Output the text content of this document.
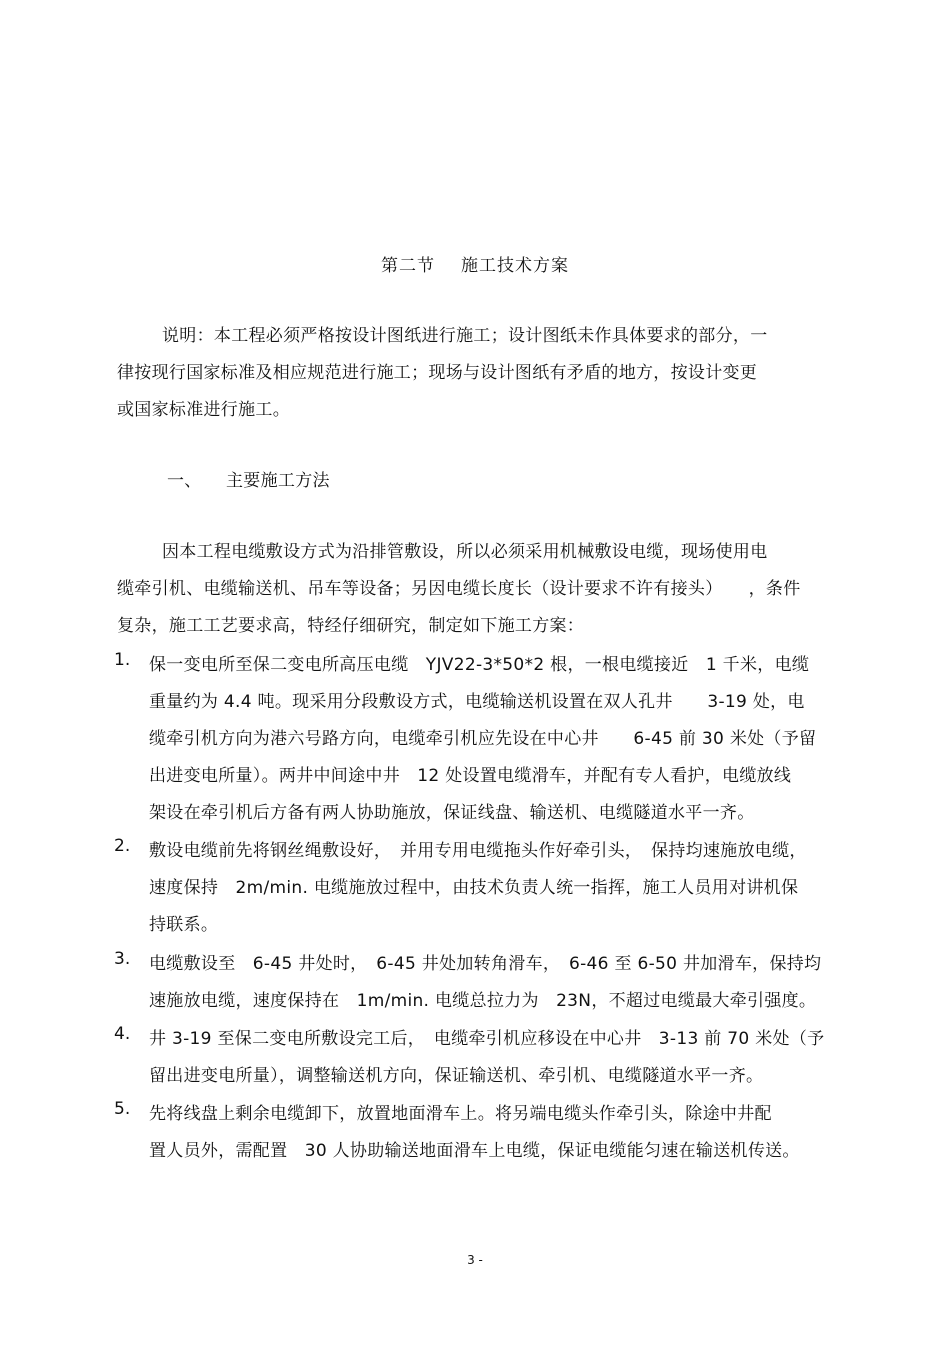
第二节 施工技术方案
说明：本工程必须严格按设计图纸进行施工；设计图纸未作具体要求的部分，一
律按现行国家标准及相应规范进行施工；现场与设计图纸有矛盾的地方，按设计变更
或国家标准进行施工。
一、 主要施工方法
因本工程电缆敷设方式为沿排管敷设，所以必须采用机械敷设电缆，现场使用电
缆牵引机、电缆输送机、吊车等设备；另因电缆长度长（设计要求不许有接头）　　，条件
复杂，施工工艺要求高，特经仔细研究，制定如下施工方案：
1. 保一变电所至保二变电所高压电缆　YJV22-3*50*2 根，一根电缆接近　1 千米，电缆
重量约为 4.4 吨。现采用分段敷设方式，电缆输送机设置在双人孔井　　3-19 处，电
缆牵引机方向为港六号路方向，电缆牵引机应先设在中心井　　6-45 前 30 米处（予留
出进变电所量）。两井中间途中井　12 处设置电缆滑车，并配有专人看护，电缆放线
架设在牵引机后方备有两人协助施放，保证线盘、输送机、电缆隧道水平一齐。
2. 敷设电缆前先将钢丝绳敷设好，　并用专用电缆拖头作好牵引头，　保持均速施放电缆，
速度保持　2m/min. 电缆施放过程中，由技术负责人统一指挥，施工人员用对讲机保
持联系。
3. 电缆敷设至　6-45 井处时，　6-45 井处加转角滑车，　6-46 至 6-50 井加滑车，保持均
速施放电缆，速度保持在　1m/min. 电缆总拉力为　23N，不超过电缆最大牵引强度。
4. 井 3-19 至保二变电所敷设完工后，　电缆牵引机应移设在中心井　3-13 前 70 米处（予
留出进变电所量），调整输送机方向，保证输送机、牵引机、电缆隧道水平一齐。
5. 先将线盘上剩余电缆卸下，放置地面滑车上。将另端电缆头作牵引头，除途中井配
置人员外，需配置　30 人协助输送地面滑车上电缆，保证电缆能匀速在输送机传送。
3 -
